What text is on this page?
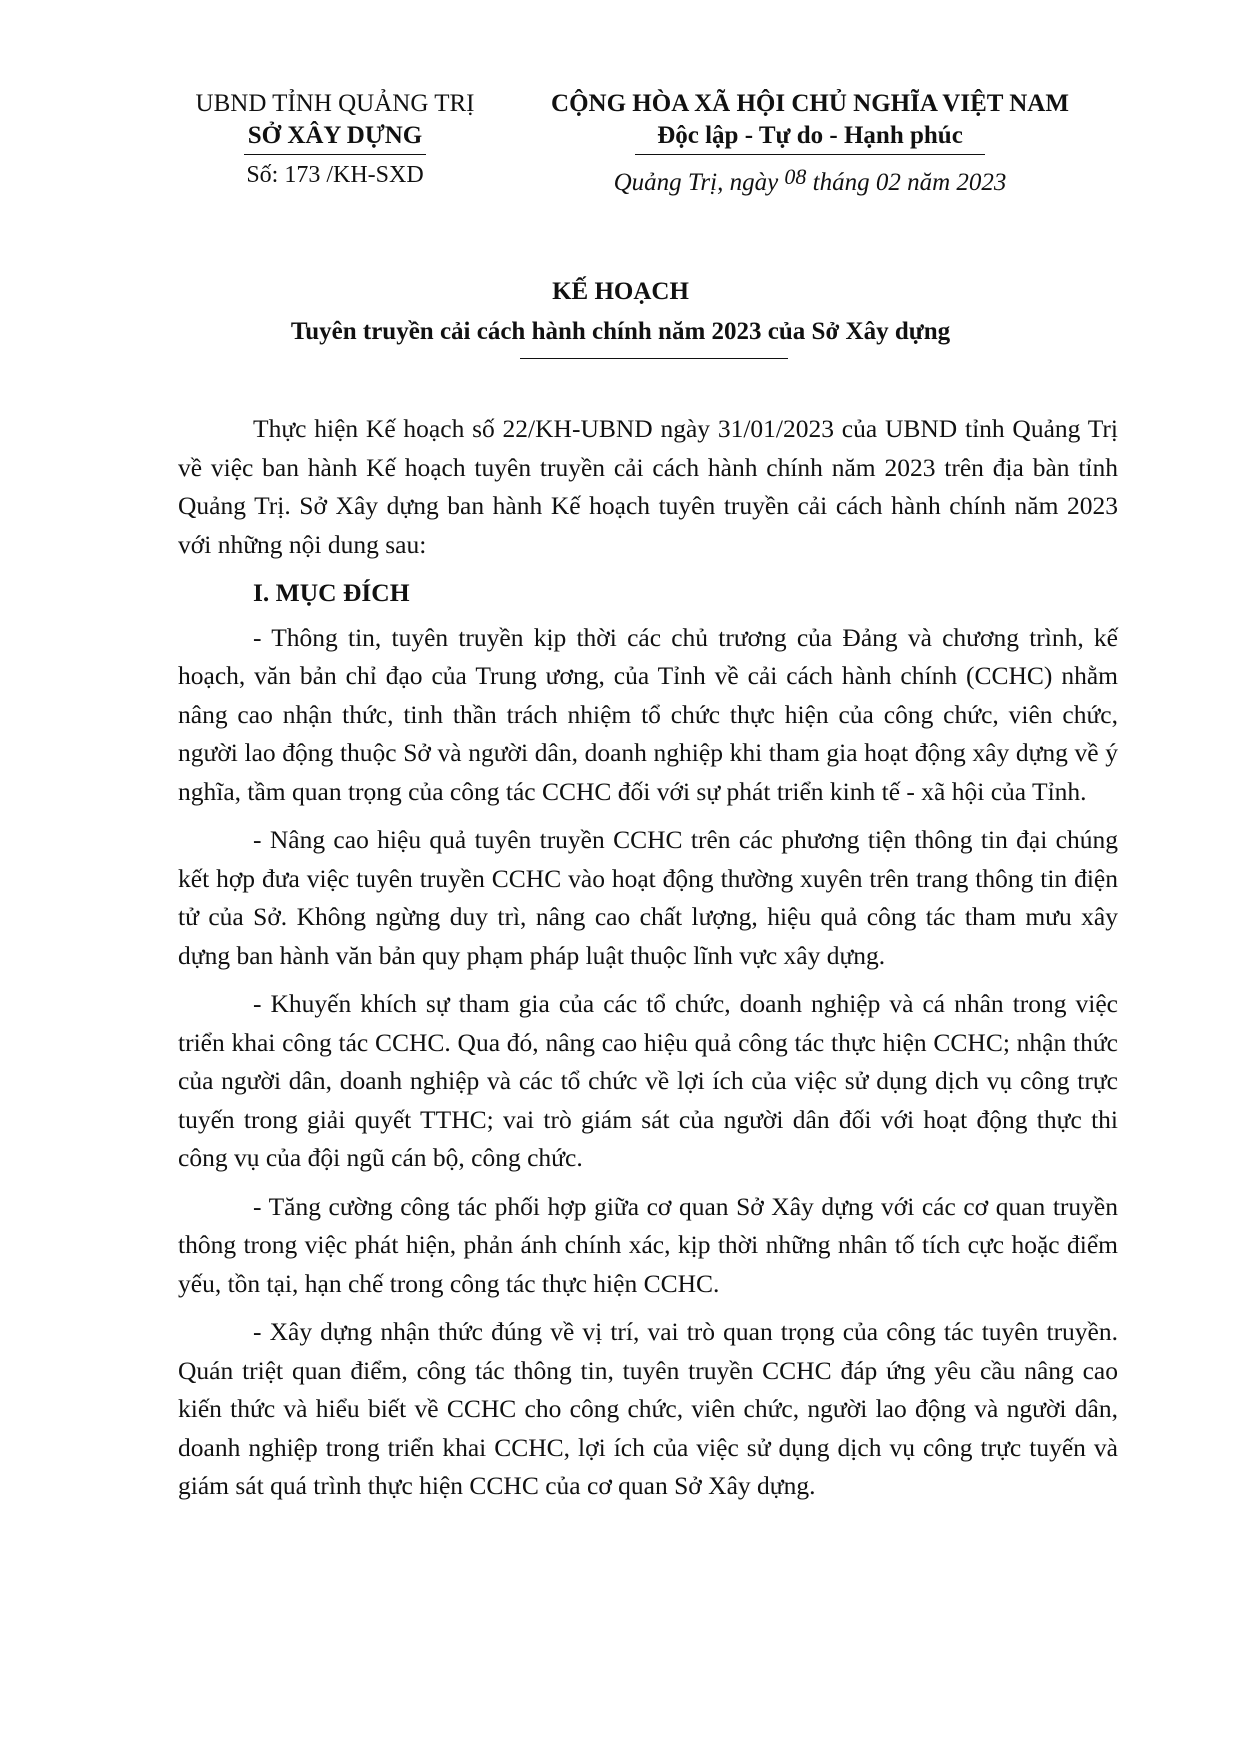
UBND TỈNH QUẢNG TRỊ
SỞ XÂY DỰNG
Số: 173 /KH-SXD
CỘNG HÒA XÃ HỘI CHỦ NGHĨA VIỆT NAM
Độc lập - Tự do - Hạnh phúc
Quảng Trị, ngày 08 tháng 02 năm 2023
KẾ HOẠCH
Tuyên truyền cải cách hành chính năm 2023 của Sở Xây dựng

Thực hiện Kế hoạch số 22/KH-UBND ngày 31/01/2023 của UBND tỉnh Quảng Trị về việc ban hành Kế hoạch tuyên truyền cải cách hành chính năm 2023 trên địa bàn tỉnh Quảng Trị. Sở Xây dựng ban hành Kế hoạch tuyên truyền cải cách hành chính năm 2023 với những nội dung sau:

I. MỤC ĐÍCH

- Thông tin, tuyên truyền kịp thời các chủ trương của Đảng và chương trình, kế hoạch, văn bản chỉ đạo của Trung ương, của Tỉnh về cải cách hành chính (CCHC) nhằm nâng cao nhận thức, tinh thần trách nhiệm tổ chức thực hiện của công chức, viên chức, người lao động thuộc Sở và người dân, doanh nghiệp khi tham gia hoạt động xây dựng về ý nghĩa, tầm quan trọng của công tác CCHC đối với sự phát triển kinh tế - xã hội của Tỉnh.

- Nâng cao hiệu quả tuyên truyền CCHC trên các phương tiện thông tin đại chúng kết hợp đưa việc tuyên truyền CCHC vào hoạt động thường xuyên trên trang thông tin điện tử của Sở. Không ngừng duy trì, nâng cao chất lượng, hiệu quả công tác tham mưu xây dựng ban hành văn bản quy phạm pháp luật thuộc lĩnh vực xây dựng.

- Khuyến khích sự tham gia của các tổ chức, doanh nghiệp và cá nhân trong việc triển khai công tác CCHC. Qua đó, nâng cao hiệu quả công tác thực hiện CCHC; nhận thức của người dân, doanh nghiệp và các tổ chức về lợi ích của việc sử dụng dịch vụ công trực tuyến trong giải quyết TTHC; vai trò giám sát của người dân đối với hoạt động thực thi công vụ của đội ngũ cán bộ, công chức.

- Tăng cường công tác phối hợp giữa cơ quan Sở Xây dựng với các cơ quan truyền thông trong việc phát hiện, phản ánh chính xác, kịp thời những nhân tố tích cực hoặc điểm yếu, tồn tại, hạn chế trong công tác thực hiện CCHC.

- Xây dựng nhận thức đúng về vị trí, vai trò quan trọng của công tác tuyên truyền. Quán triệt quan điểm, công tác thông tin, tuyên truyền CCHC đáp ứng yêu cầu nâng cao kiến thức và hiểu biết về CCHC cho công chức, viên chức, người lao động và người dân, doanh nghiệp trong triển khai CCHC, lợi ích của việc sử dụng dịch vụ công trực tuyến và giám sát quá trình thực hiện CCHC của cơ quan Sở Xây dựng.
